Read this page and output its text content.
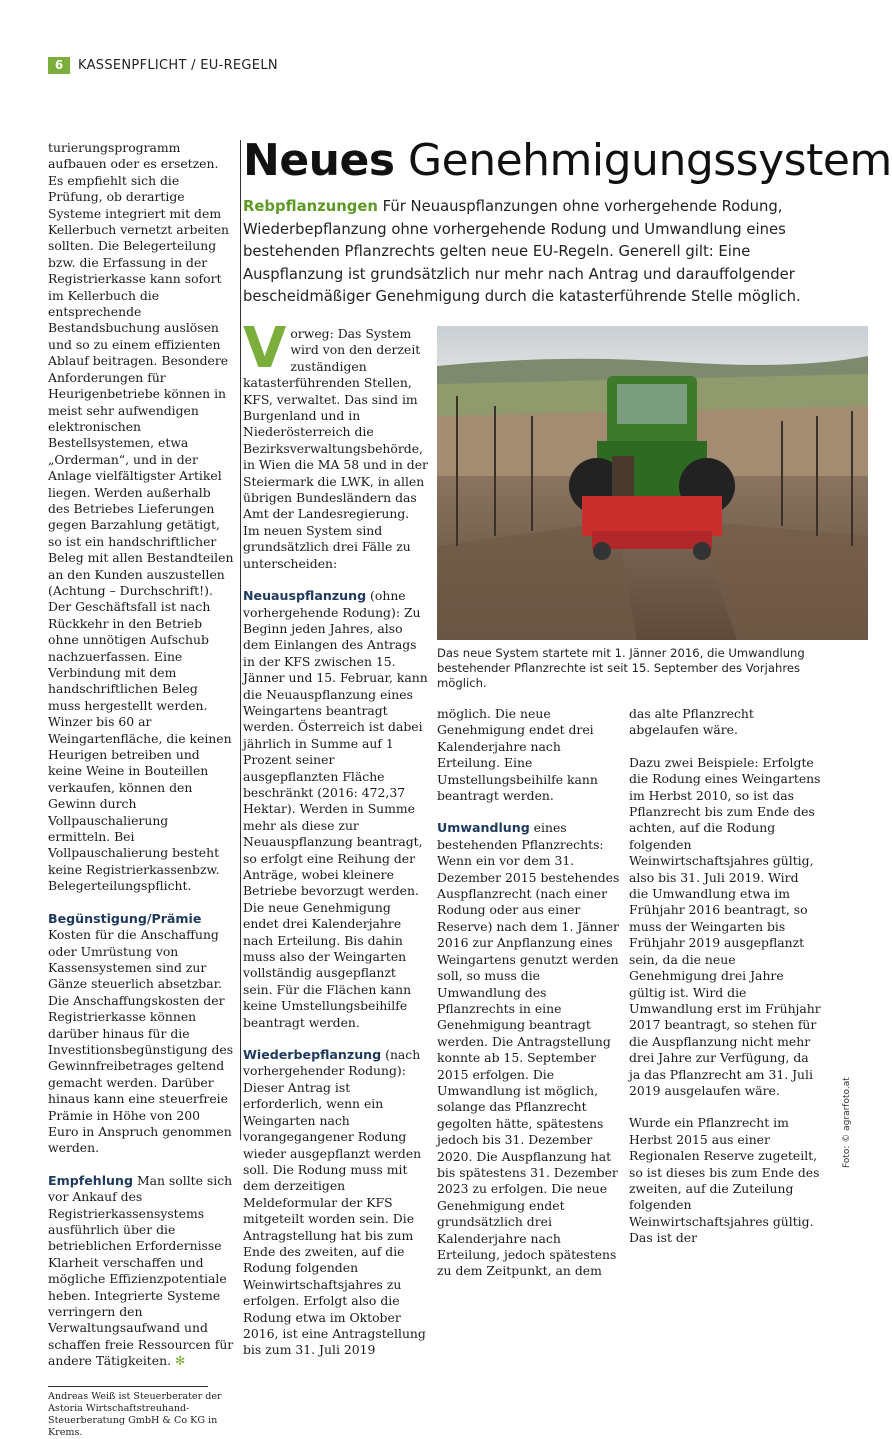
6	KASSENPFLICHT / EU-REGELN

turierungsprogramm aufbauen oder es ersetzen. Es empfiehlt sich die Prüfung, ob derartige Systeme integriert mit dem Kellerbuch vernetzt arbeiten sollten. Die Belegerteilung bzw. die Erfassung in der Registrierkasse kann sofort im Kellerbuch die entsprechende Bestandsbuchung auslösen und so zu einem effizienten Ablauf beitragen. Besondere Anforderungen für Heurigenbetriebe können in meist sehr aufwendigen elektronischen Bestellsystemen, etwa „Orderman“, und in der Anlage vielfältigster Artikel liegen. Werden außerhalb des Betriebes Lieferungen gegen Barzahlung getätigt, so ist ein handschriftlicher Beleg mit allen Bestandteilen an den Kunden auszustellen (Achtung – Durchschrift!). Der Geschäftsfall ist nach Rückkehr in den Betrieb ohne unnötigen Aufschub nachzuerfassen. Eine Verbindung mit dem handschriftlichen Beleg muss hergestellt werden. Winzer bis 60 ar Weingartenfläche, die keinen Heurigen betreiben und keine Weine in Bouteillen verkaufen, können den Gewinn durch Vollpauschalierung ermitteln. Bei Vollpauschalierung besteht keine Registrierkassenbzw. Belegerteilungspflicht.

Begünstigung/Prämie Kosten für die Anschaffung oder Umrüstung von Kassensystemen sind zur Gänze steuerlich absetzbar. Die Anschaffungskosten der Registrierkasse können darüber hinaus für die Investitionsbegünstigung des Gewinnfreibetrages geltend gemacht werden. Darüber hinaus kann eine steuerfreie Prämie in Höhe von 200 Euro in Anspruch genommen werden.

Empfehlung Man sollte sich vor Ankauf des Registrierkassensystems ausführlich über die betrieblichen Erfordernisse Klarheit verschaffen und mögliche Effizienzpotentiale heben. Integrierte Systeme verringern den Verwaltungsaufwand und schaffen freie Ressourcen für andere Tätigkeiten. ✻

Andreas Weiß ist Steuerberater der Astoria Wirtschaftstreuhand-Steuerberatung GmbH & Co KG in Krems.

Neues Genehmigungssystem
Rebpflanzungen Für Neuauspflanzungen ohne vorhergehende Rodung, Wiederbepflanzung ohne vorhergehende Rodung und Umwandlung eines bestehenden Pflanzrechts gelten neue EU-Regeln. Generell gilt: Eine Auspflanzung ist grundsätzlich nur mehr nach Antrag und darauffolgender bescheidmäßiger Genehmigung durch die katasterführende Stelle möglich.

Vorweg: Das System wird von den derzeit zuständigen katasterführenden Stellen, KFS, verwaltet. Das sind im Burgenland und in Niederösterreich die Bezirksverwaltungsbehörde, in Wien die MA 58 und in der Steiermark die LWK, in allen übrigen Bundesländern das Amt der Landesregierung. Im neuen System sind grundsätzlich drei Fälle zu unterscheiden:

Neuauspflanzung (ohne vorhergehende Rodung): Zu Beginn jeden Jahres, also dem Einlangen des Antrags in der KFS zwischen 15. Jänner und 15. Februar, kann die Neuauspflanzung eines Weingartens beantragt werden. Österreich ist dabei jährlich in Summe auf 1 Prozent seiner ausgepflanzten Fläche beschränkt (2016: 472,37 Hektar). Werden in Summe mehr als diese zur Neuauspflanzung beantragt, so erfolgt eine Reihung der Anträge, wobei kleinere Betriebe bevorzugt werden. Die neue Genehmigung endet drei Kalenderjahre nach Erteilung. Bis dahin muss also der Weingarten vollständig ausgepflanzt sein. Für die Flächen kann keine Umstellungsbeihilfe beantragt werden.

Wiederbepflanzung (nach vorhergehender Rodung): Dieser Antrag ist erforderlich, wenn ein Weingarten nach vorangegangener Rodung wieder ausgepflanzt werden soll. Die Rodung muss mit dem derzeitigen Meldeformular der KFS mitgeteilt worden sein. Die Antragstellung hat bis zum Ende des zweiten, auf die Rodung folgenden Weinwirtschaftsjahres zu erfolgen. Erfolgt also die Rodung etwa im Oktober 2016, ist eine Antragstellung bis zum 31. Juli 2019

Das neue System startete mit 1. Jänner 2016, die Umwandlung bestehender Pflanzrechte ist seit 15. September des Vorjahres möglich.
Foto: © agrarfoto.at

möglich. Die neue Genehmigung endet drei Kalenderjahre nach Erteilung. Eine Umstellungsbeihilfe kann beantragt werden.

Umwandlung eines bestehenden Pflanzrechts: Wenn ein vor dem 31. Dezember 2015 bestehendes Auspflanzrecht (nach einer Rodung oder aus einer Reserve) nach dem 1. Jänner 2016 zur Anpflanzung eines Weingartens genutzt werden soll, so muss die Umwandlung des Pflanzrechts in eine Genehmigung beantragt werden. Die Antragstellung konnte ab 15. September 2015 erfolgen. Die Umwandlung ist möglich, solange das Pflanzrecht gegolten hätte, spätestens jedoch bis 31. Dezember 2020. Die Auspflanzung hat bis spätestens 31. Dezember 2023 zu erfolgen. Die neue Genehmigung endet grundsätzlich drei Kalenderjahre nach Erteilung, jedoch spätestens zu dem Zeitpunkt, an dem

das alte Pflanzrecht abgelaufen wäre.

Dazu zwei Beispiele: Erfolgte die Rodung eines Weingartens im Herbst 2010, so ist das Pflanzrecht bis zum Ende des achten, auf die Rodung folgenden Weinwirtschaftsjahres gültig, also bis 31. Juli 2019. Wird die Umwandlung etwa im Frühjahr 2016 beantragt, so muss der Weingarten bis Frühjahr 2019 ausgepflanzt sein, da die neue Genehmigung drei Jahre gültig ist. Wird die Umwandlung erst im Frühjahr 2017 beantragt, so stehen für die Auspflanzung nicht mehr drei Jahre zur Verfügung, da ja das Pflanzrecht am 31. Juli 2019 ausgelaufen wäre.

Wurde ein Pflanzrecht im Herbst 2015 aus einer Regionalen Reserve zugeteilt, so ist dieses bis zum Ende des zweiten, auf die Zuteilung folgenden Weinwirtschaftsjahres gültig. Das ist der
